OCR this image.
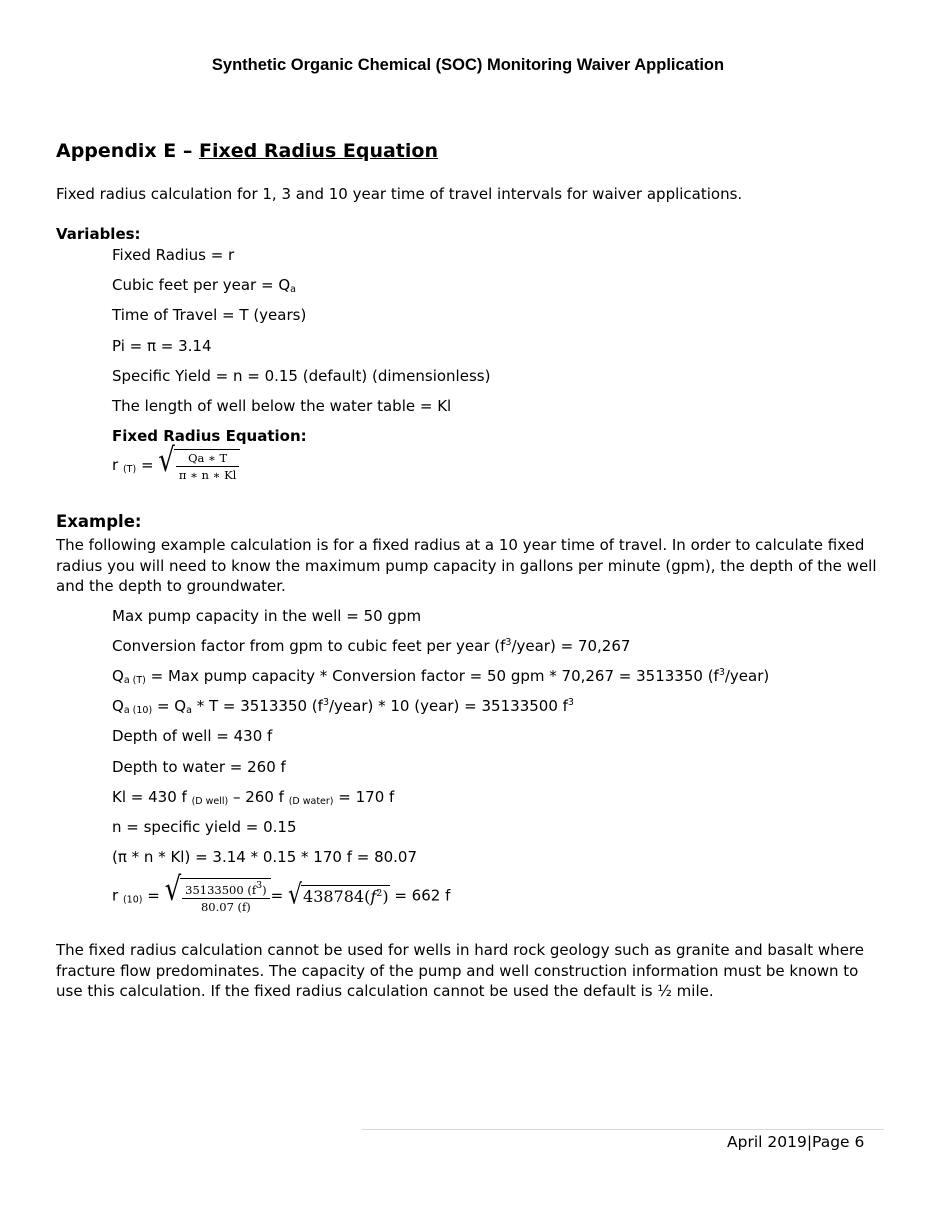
Synthetic Organic Chemical (SOC) Monitoring Waiver Application
Appendix E – Fixed Radius Equation
Fixed radius calculation for 1, 3 and 10 year time of travel intervals for waiver applications.
Variables:
Fixed Radius = r
Cubic feet per year = $Q_a$
Time of Travel = T (years)
Pi = π = 3.14
Specific Yield = n = 0.15 (default) (dimensionless)
The length of well below the water table = Kl
Fixed Radius Equation:
r $_{(T)}$ = √ $\frac{Qa ∗ T}{\pi ∗ n ∗ Kl}$
Example:
The following example calculation is for a fixed radius at a 10 year time of travel. In order to calculate fixed radius you will need to know the maximum pump capacity in gallons per minute (gpm), the depth of the well and the depth to groundwater.
Max pump capacity in the well = 50 gpm
Conversion factor from gpm to cubic feet per year $(f^3/year) = 70,267$
$Q_a$ $_{(T)}$ = Max pump capacity * Conversion factor = 50 gpm * 70,267 = 3513350 $(f^3/year)$
$Q_a$ $_{(10)} = Q_a * T = 3513350$ $(f^3/year) * 10$ (year) = 35133500 $f^3$
Depth of well = 430 f
Depth to water = 260 f
Kl = 430 f $_{(D well)}$ – 260 f $_{(D water)}$ = 170 f
n = specific yield = 0.15
(π * n * Kl) = 3.14 * 0.15 * 170 f = 80.07
r $_{(10)}$ = √ $\frac{35133500 (f^3)}{80.07 (f)}$ = √ $438784(f^2) = 662$ f
The fixed radius calculation cannot be used for wells in hard rock geology such as granite and basalt where fracture flow predominates. The capacity of the pump and well construction information must be known to use this calculation. If the fixed radius calculation cannot be used the default is ½ mile.
April 2019|Page 6
